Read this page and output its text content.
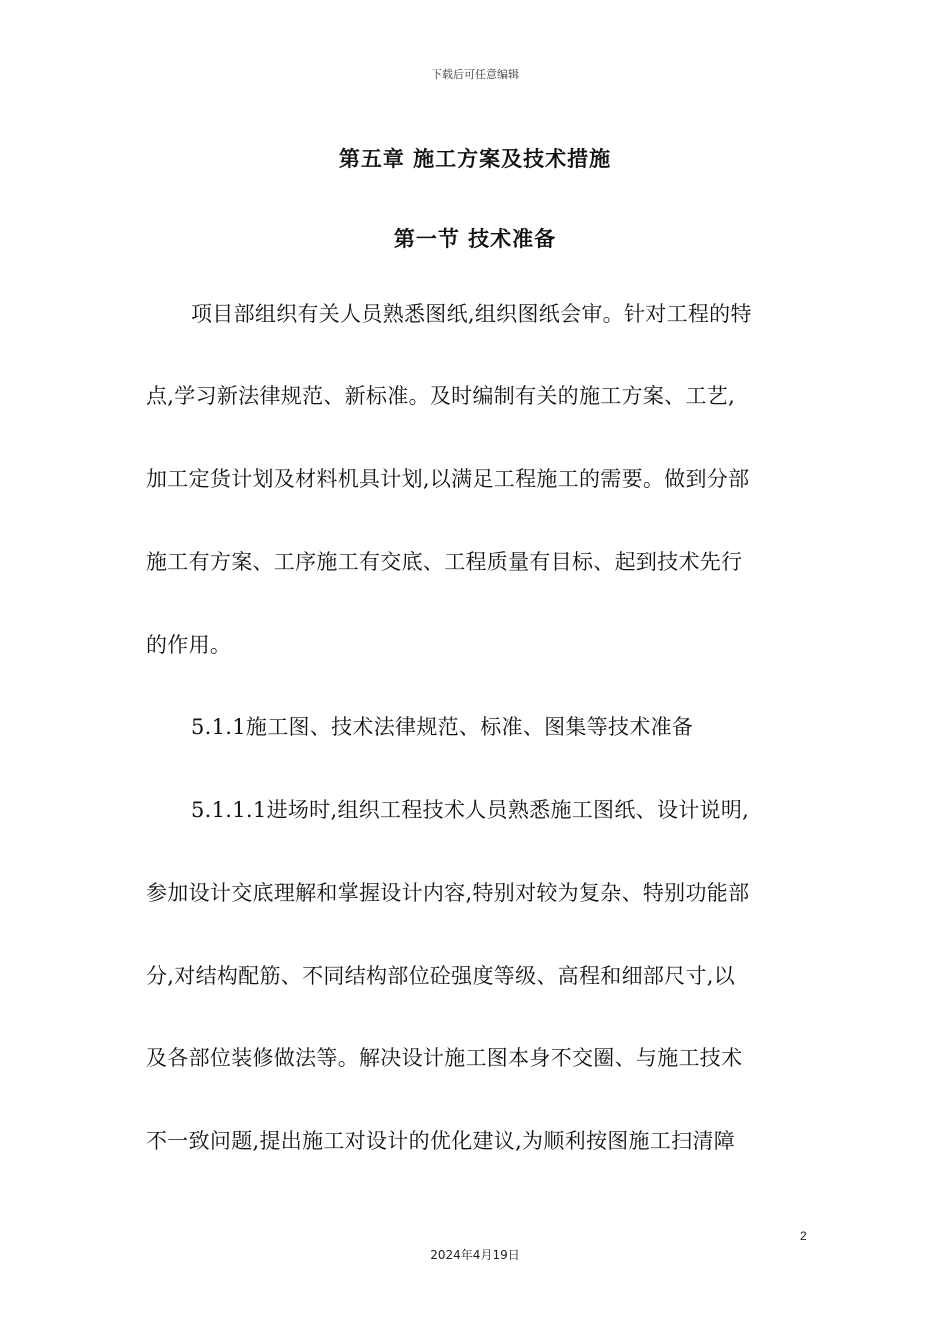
下载后可任意编辑
第五章 施工方案及技术措施
第一节 技术准备
项目部组织有关人员熟悉图纸,组织图纸会审。针对工程的特
点,学习新法律规范、新标准。及时编制有关的施工方案、工艺,
加工定货计划及材料机具计划,以满足工程施工的需要。做到分部
施工有方案、工序施工有交底、工程质量有目标、起到技术先行
的作用。
5.1.1施工图、技术法律规范、标准、图集等技术准备
5.1.1.1进场时,组织工程技术人员熟悉施工图纸、设计说明,
参加设计交底理解和掌握设计内容,特别对较为复杂、特别功能部
分,对结构配筋、不同结构部位砼强度等级、高程和细部尺寸,以
及各部位装修做法等。解决设计施工图本身不交圈、与施工技术
不一致问题,提出施工对设计的优化建议,为顺利按图施工扫清障
2
2024年4月19日
